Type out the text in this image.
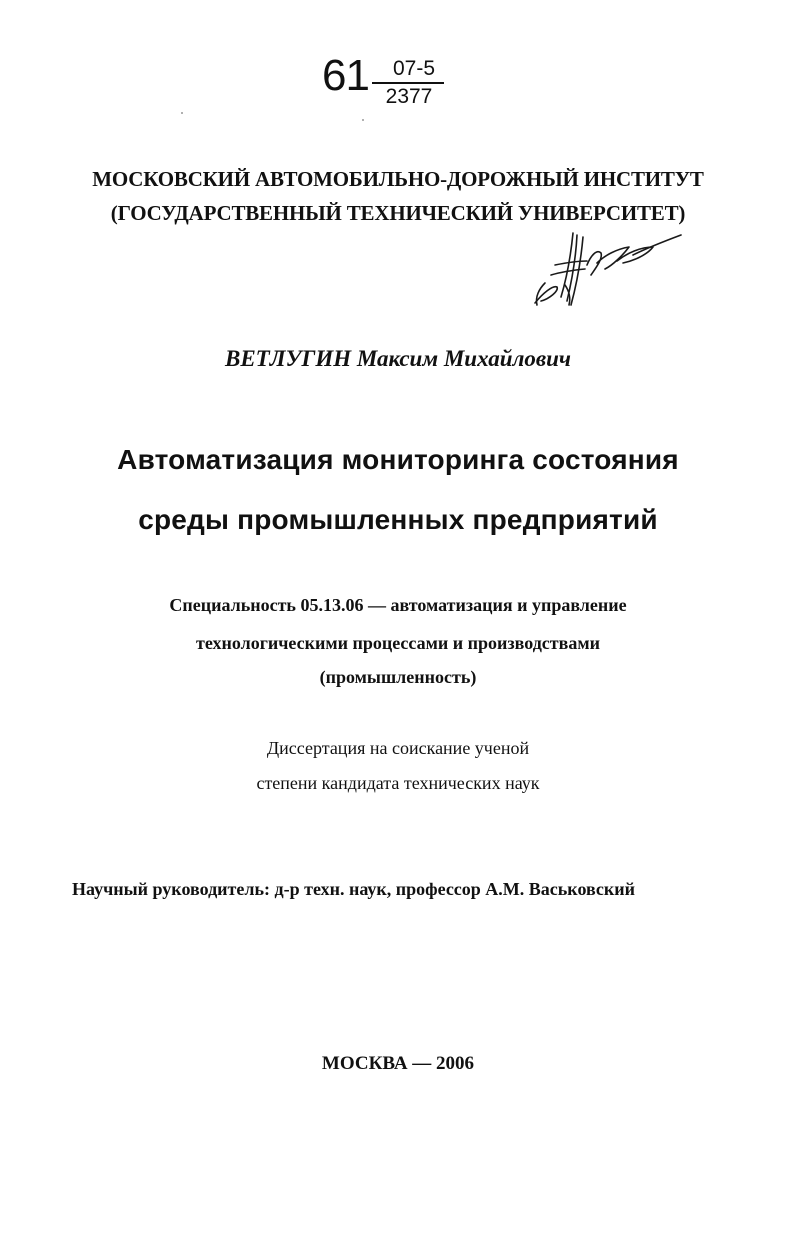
61	07-5
2377
МОСКОВСКИЙ АВТОМОБИЛЬНО-ДОРОЖНЫЙ ИНСТИТУТ
(ГОСУДАРСТВЕННЫЙ ТЕХНИЧЕСКИЙ УНИВЕРСИТЕТ)
ВЕТЛУГИН Максим Михайлович
Автоматизация мониторинга состояния
среды промышленных предприятий
Специальность 05.13.06 — автоматизация и управление
технологическими процессами и производствами
(промышленность)
Диссертация на соискание ученой
степени кандидата технических наук
Научный руководитель: д-р техн. наук, профессор А.М. Васьковский
МОСКВА — 2006
